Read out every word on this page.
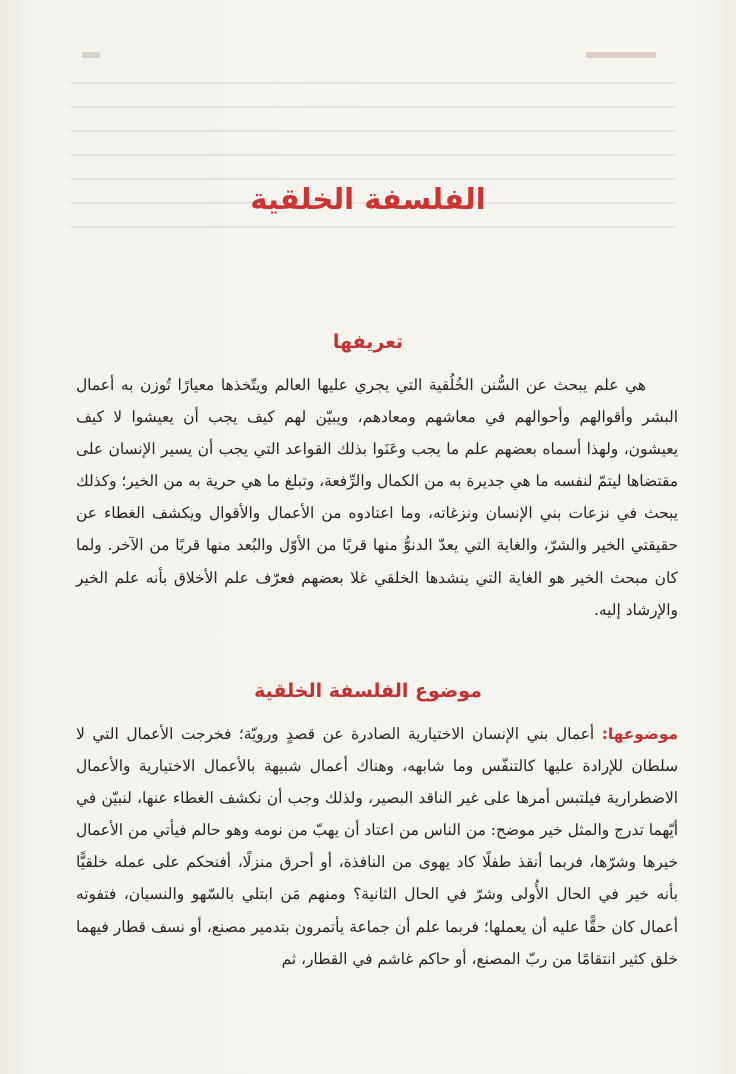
الفلسفة الخلقية
تعريفها

هي علم يبحث عن السُّنن الخُلُقية التي يجري عليها العالم ويتّخذها معيارًا تُوزن به أعمال البشر وأقوالهم وأحوالهم في معاشهم ومعادهم، ويبيّن لهم كيف يجب أن يعيشوا لا كيف يعيشون، ولهذا أسماه بعضهم علم ما يجب وعَنَوا بذلك القواعد التي يجب أن يسير الإنسان على مقتضاها ليتمّ لنفسه ما هي جديرة به من الكمال والرِّفعة، وتبلغ ما هي حرية به من الخير؛ وكذلك يبحث في نزعات بني الإنسان ونزغاته، وما اعتادوه من الأعمال والأقوال ويكشف الغطاء عن حقيقتي الخير والشرّ، والغاية التي يعدّ الدنوُّ منها قربًا من الأوّل والبُعد منها قربًا من الآخر. ولما كان مبحث الخير هو الغاية التي ينشدها الخلقي غلا بعضهم فعرّف علم الأخلاق بأنه علم الخير والإرشاد إليه.

موضوع الفلسفة الخلقية

موضوعها: أعمال بني الإنسان الاختيارية الصادرة عن قصدٍ ورويّة؛ فخرجت الأعمال التي لا سلطان للإرادة عليها كالتنفّس وما شابهه، وهناك أعمال شبيهة بالأعمال الاختيارية والأعمال الاضطرارية فيلتبس أمرها على غير الناقد البصير، ولذلك وجب أن نكشف الغطاء عنها، لنبيّن في أيّهما تدرج والمثل خير موضح: من الناس من اعتاد أن يهبّ من نومه وهو حالم فيأتي من الأعمال خيرها وشرّها، فربما أنقذ طفلًا كاد يهوى من النافذة، أو أحرق منزلًا، أفنحكم على عمله خلقيًّا بأنه خير في الحال الأُولى وشرّ في الحال الثانية؟ ومنهم مَن ابتلي بالسّهو والنسيان، فتفوته أعمال كان حقًّا عليه أن يعملها؛ فربما علم أن جماعة يأتمرون بتدمير مصنع، أو نسف قطار فيهما خلق كثير انتقامًا من ربّ المصنع، أو حاكم غاشم في القطار، ثم
